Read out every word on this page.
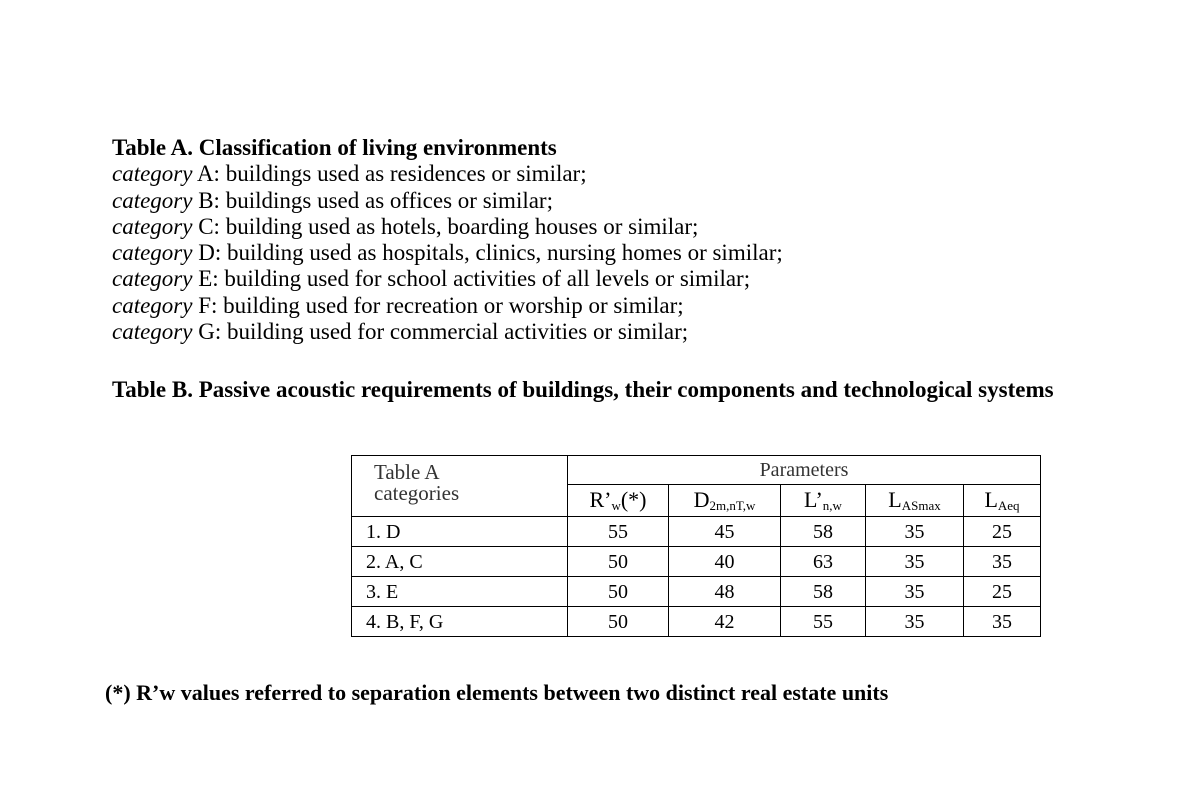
Table A. Classification of living environments
category A: buildings used as residences or similar;
category B: buildings used as offices or similar;
category C: building used as hotels, boarding houses or similar;
category D: building used as hospitals, clinics, nursing homes or similar;
category E: building used for school activities of all levels or similar;
category F: building used for recreation or worship or similar;
category G: building used for commercial activities or similar;
Table B. Passive acoustic requirements of buildings, their components and technological systems
Table A
categories	Parameters				
	$R’_w(*)$	$D_{2m,nT,w}$	$L’_{n,w}$	$L_{ASmax}$	$L_{Aeq}$
1. D	55	45	58	35	25
2. A, C	50	40	63	35	35
3. E	50	48	58	35	25
4. B, F, G	50	42	55	35	35
(*) R’w values referred to separation elements between two distinct real estate units
